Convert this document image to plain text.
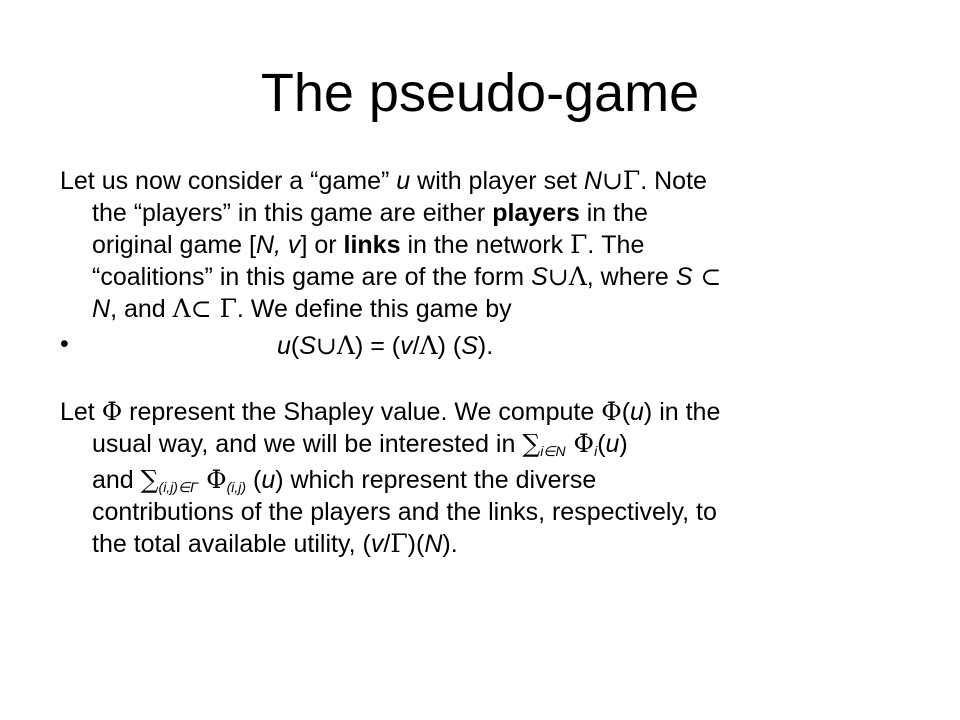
The pseudo-game

Let us now consider a “game” u with player set N∪Γ. Note
the “players” in this game are either players in the
original game [N, v] or links in the network Γ. The
“coalitions” in this game are of the form S∪Λ, where S ⊂
N, and Λ⊂ Γ. We define this game by

•	u(S∪Λ) = (v/Λ) (S).

Let Φ represent the Shapley value. We compute Φ(u) in the
usual way, and we will be interested in $\sum_{i\in N}$ $\Phi_i(u)$

and $\sum_{(i,j)\in\Gamma}$ $\Phi_{(i,j)}$ (u) which represent the diverse
contributions of the players and the links, respectively, to
the total available utility, (v/Γ)(N).
